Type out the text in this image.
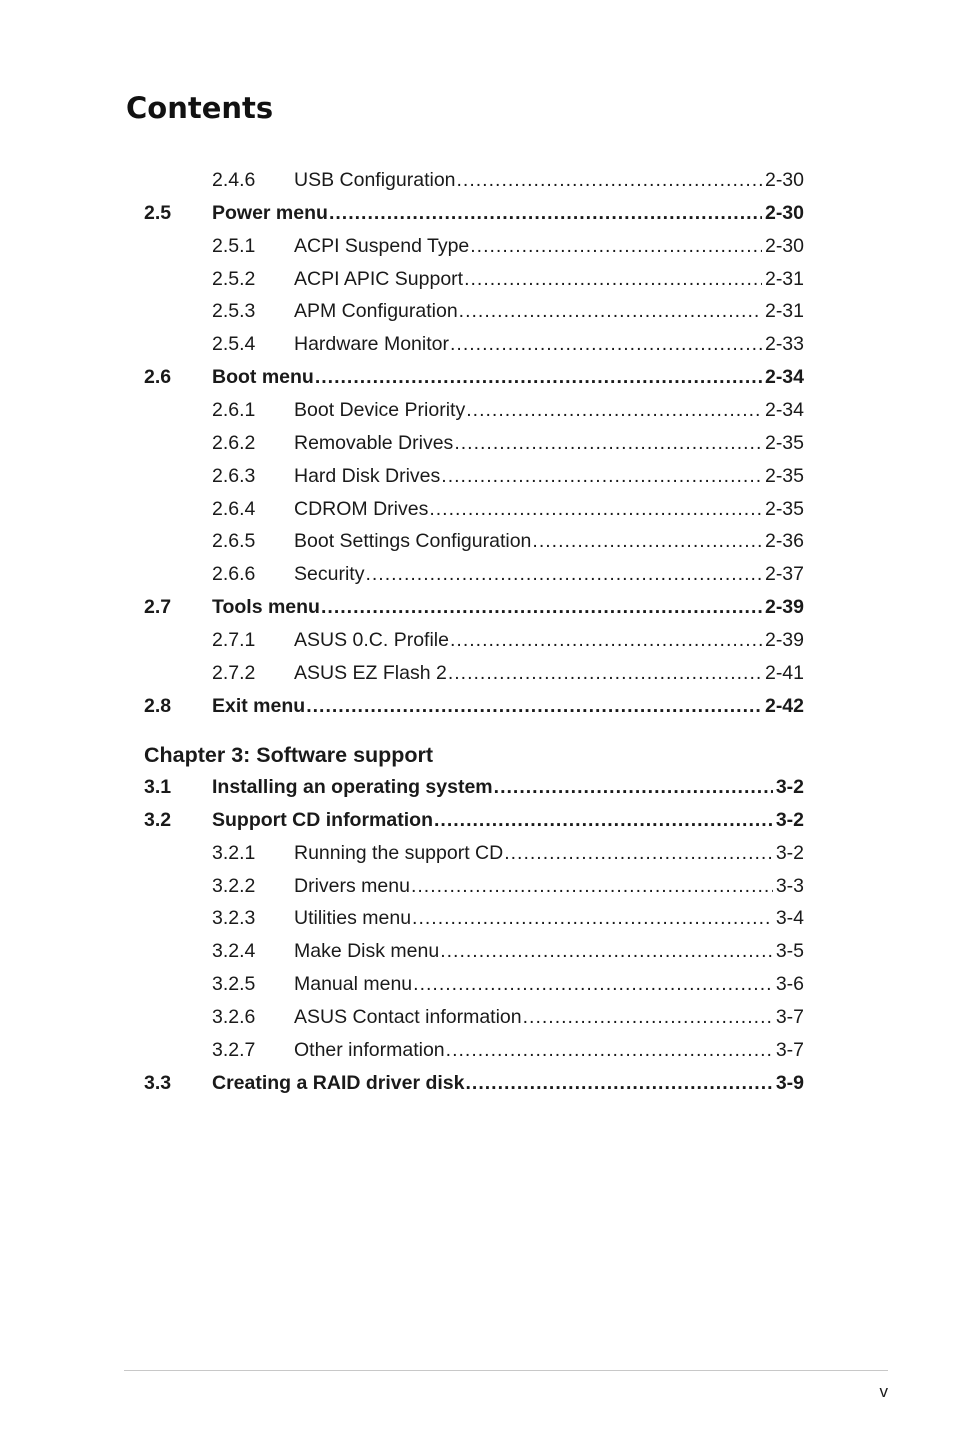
Contents
2.4.6 USB Configuration .....	2-30
2.5 Power menu .....	2-30
2.5.1 ACPI Suspend Type .....	2-30
2.5.2 ACPI APIC Support .....	2-31
2.5.3 APM Configuration .....	2-31
2.5.4 Hardware Monitor .....	2-33
2.6 Boot menu .....	2-34
2.6.1 Boot Device Priority .....	2-34
2.6.2 Removable Drives .....	2-35
2.6.3 Hard Disk Drives .....	2-35
2.6.4 CDROM Drives .....	2-35
2.6.5 Boot Settings Configuration .....	2-36
2.6.6 Security .....	2-37
2.7 Tools menu .....	2-39
2.7.1 ASUS 0.C. Profile .....	2-39
2.7.2 ASUS EZ Flash 2 .....	2-41
2.8 Exit menu .....	2-42
Chapter 3: Software support
3.1 Installing an operating system .....	3-2
3.2 Support CD information .....	3-2
3.2.1 Running the support CD .....	3-2
3.2.2 Drivers menu .....	3-3
3.2.3 Utilities menu .....	3-4
3.2.4 Make Disk menu .....	3-5
3.2.5 Manual menu .....	3-6
3.2.6 ASUS Contact information .....	3-7
3.2.7 Other information .....	3-7
3.3 Creating a RAID driver disk .....	3-9
v
